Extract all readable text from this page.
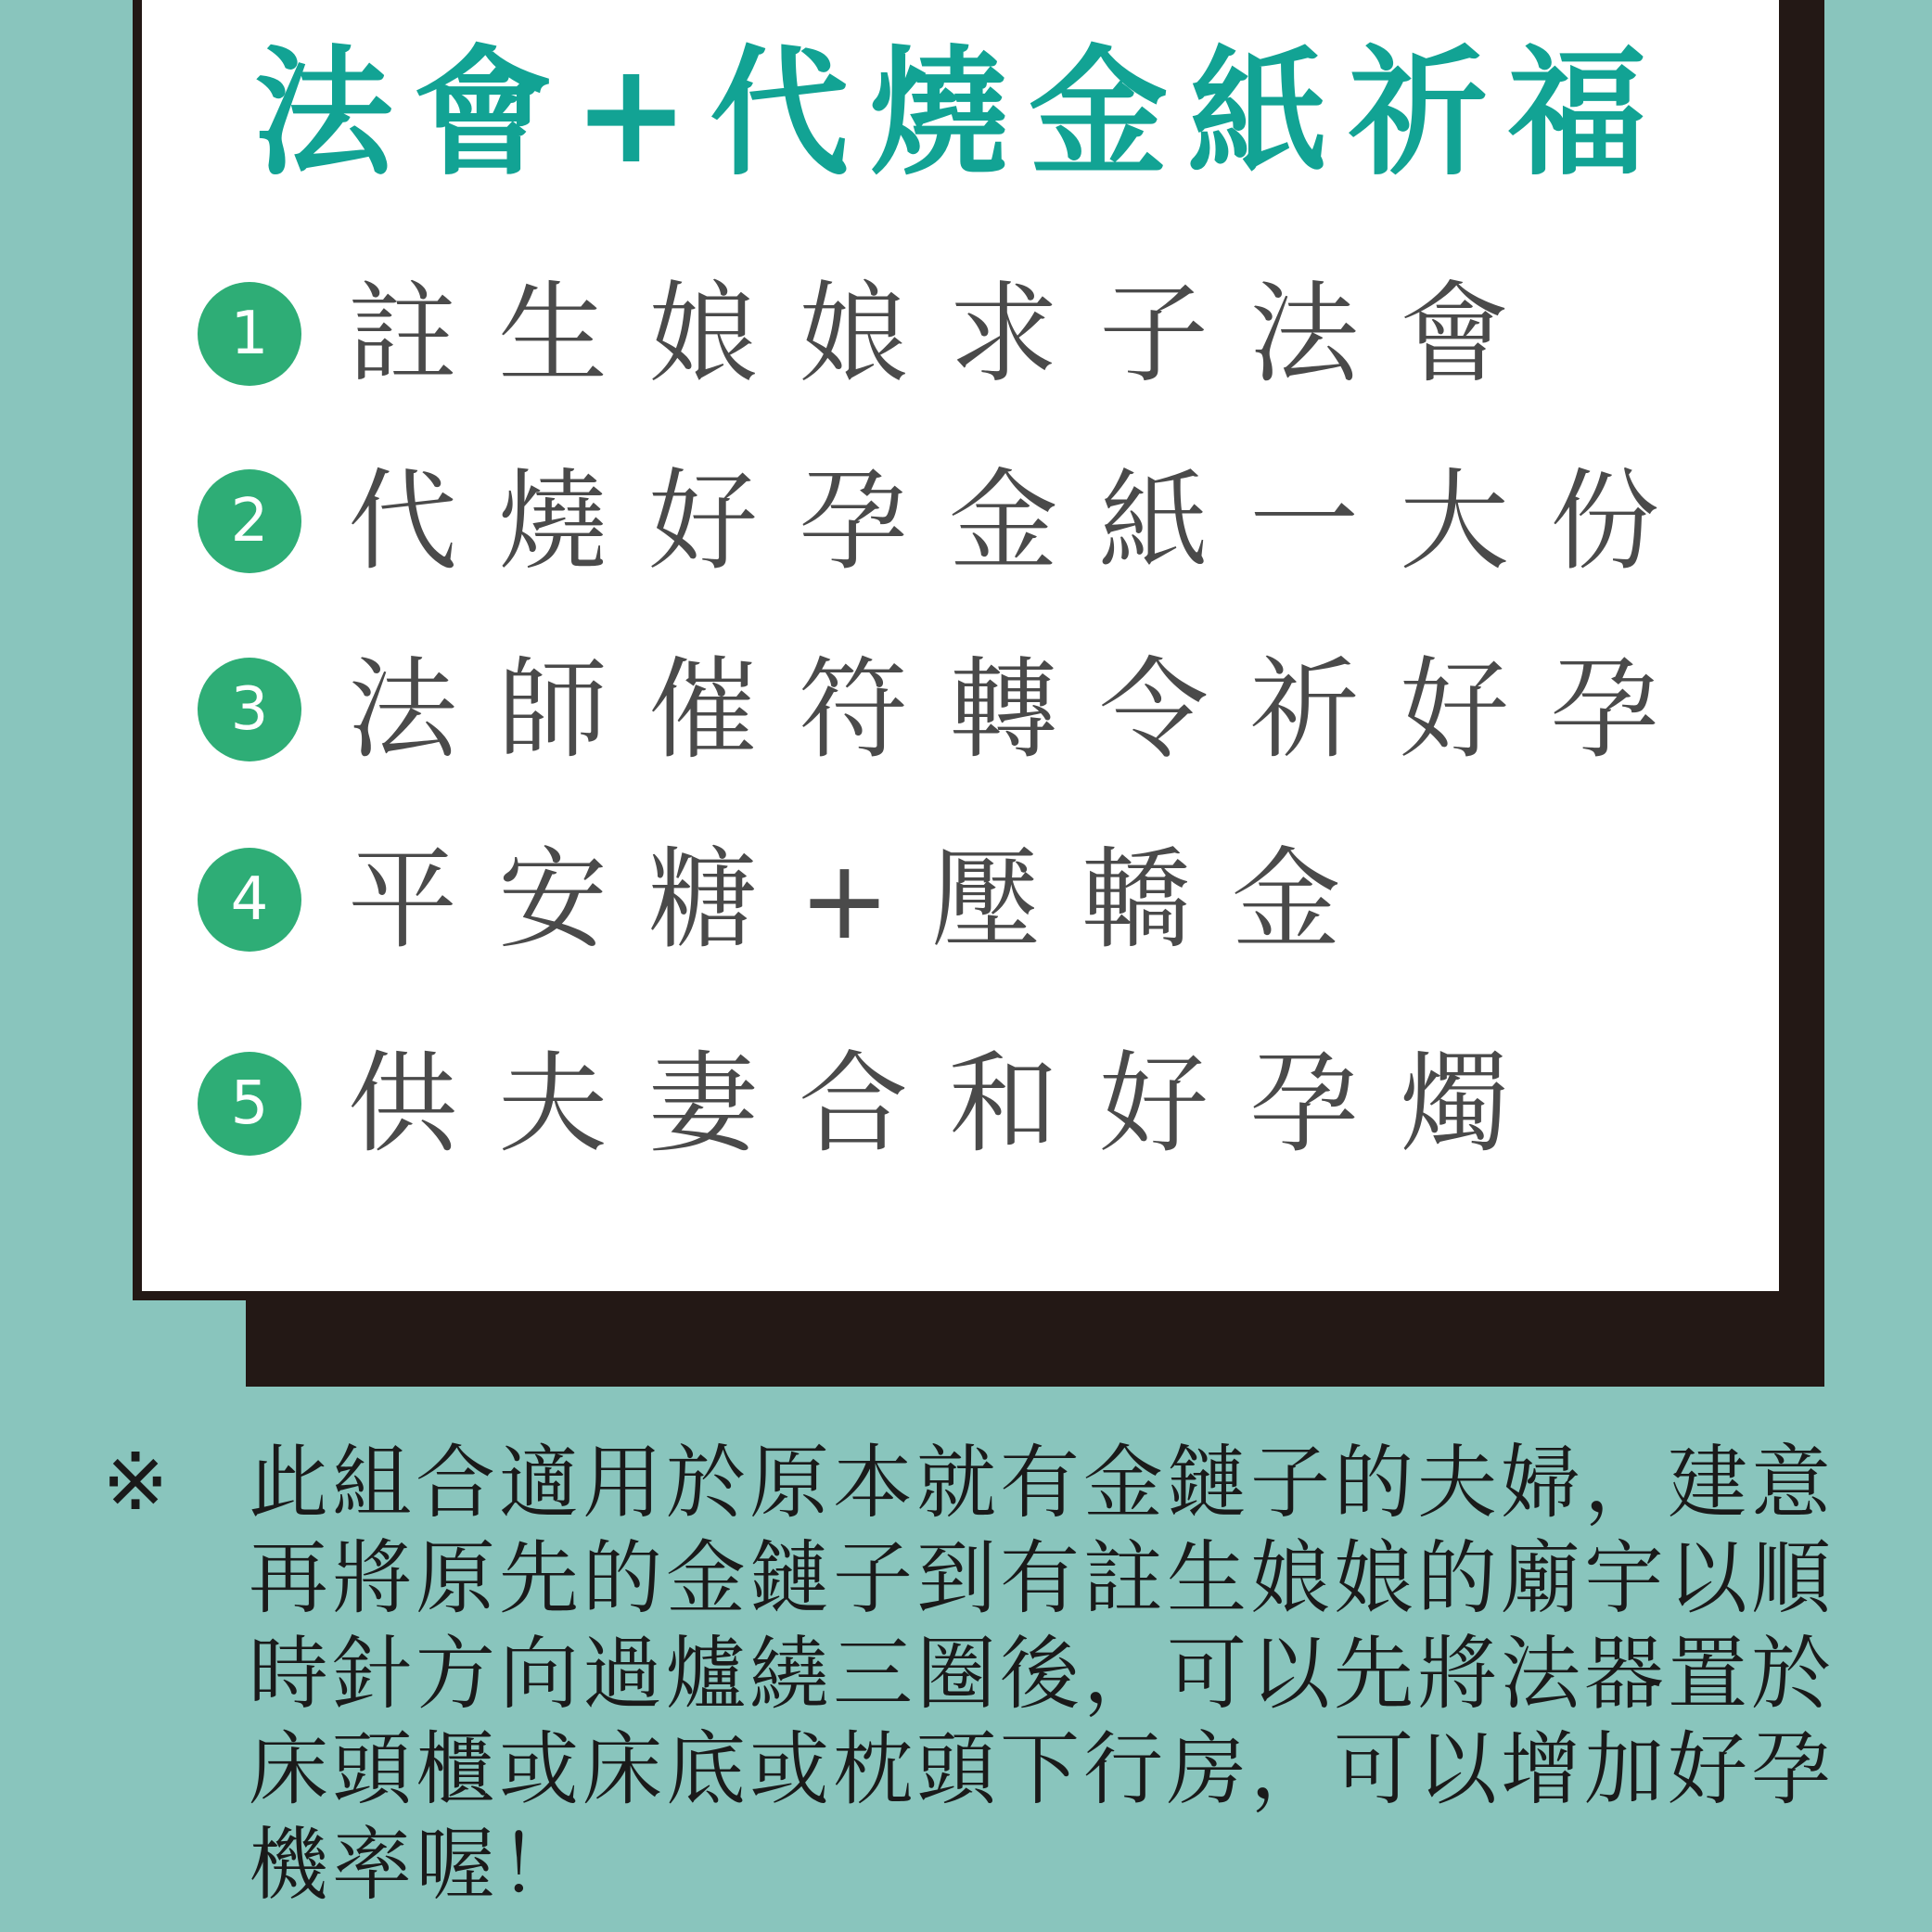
法會+代燒金紙祈福
1 註生娘娘求子法會
2 代燒好孕金紙一大份
3 法師催符轉令祈好孕
4 平安糖+壓轎金
5 供夫妻合和好孕燭
※ 此組合適用於原本就有金鏈子的夫婦，建意再將原先的金鏈子到有註生娘娘的廟宇以順時針方向過爐繞三圈後，可以先將法器置於床頭櫃或床底或枕頭下行房，可以增加好孕機率喔！
